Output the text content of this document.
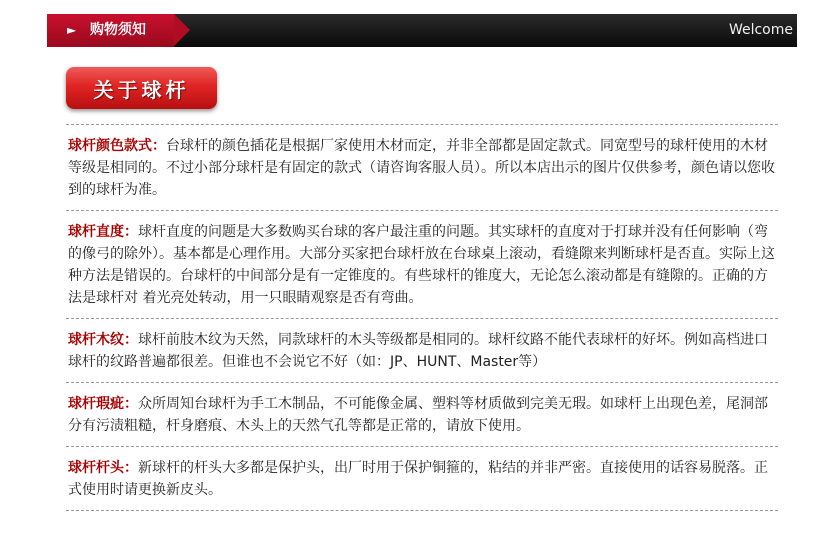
► 购物须知	Welcome
关于球杆
球杆颜色款式：台球杆的颜色插花是根据厂家使用木材而定，并非全部都是固定款式。同宽型号的球杆使用的木材等级是相同的。不过小部分球杆是有固定的款式（请咨询客服人员）。所以本店出示的图片仅供参考，颜色请以您收到的球杆为准。
球杆直度：球杆直度的问题是大多数购买台球的客户最注重的问题。其实球杆的直度对于打球并没有任何影响（弯的像弓的除外）。基本都是心理作用。大部分买家把台球杆放在台球桌上滚动，看缝隙来判断球杆是否直。实际上这种方法是错误的。台球杆的中间部分是有一定锥度的。有些球杆的锥度大，无论怎么滚动都是有缝隙的。正确的方法是球杆对 着光亮处转动，用一只眼睛观察是否有弯曲。
球杆木纹：球杆前肢木纹为天然，同款球杆的木头等级都是相同的。球杆纹路不能代表球杆的好坏。例如高档进口球杆的纹路普遍都很差。但谁也不会说它不好（如：JP、HUNT、Master等）
球杆瑕疵：众所周知台球杆为手工木制品，不可能像金属、塑料等材质做到完美无瑕。如球杆上出现色差，尾洞部分有污渍粗糙，杆身磨痕、木头上的天然气孔等都是正常的，请放下使用。
球杆杆头：新球杆的杆头大多都是保护头，出厂时用于保护铜箍的，粘结的并非严密。直接使用的话容易脱落。正式使用时请更换新皮头。
